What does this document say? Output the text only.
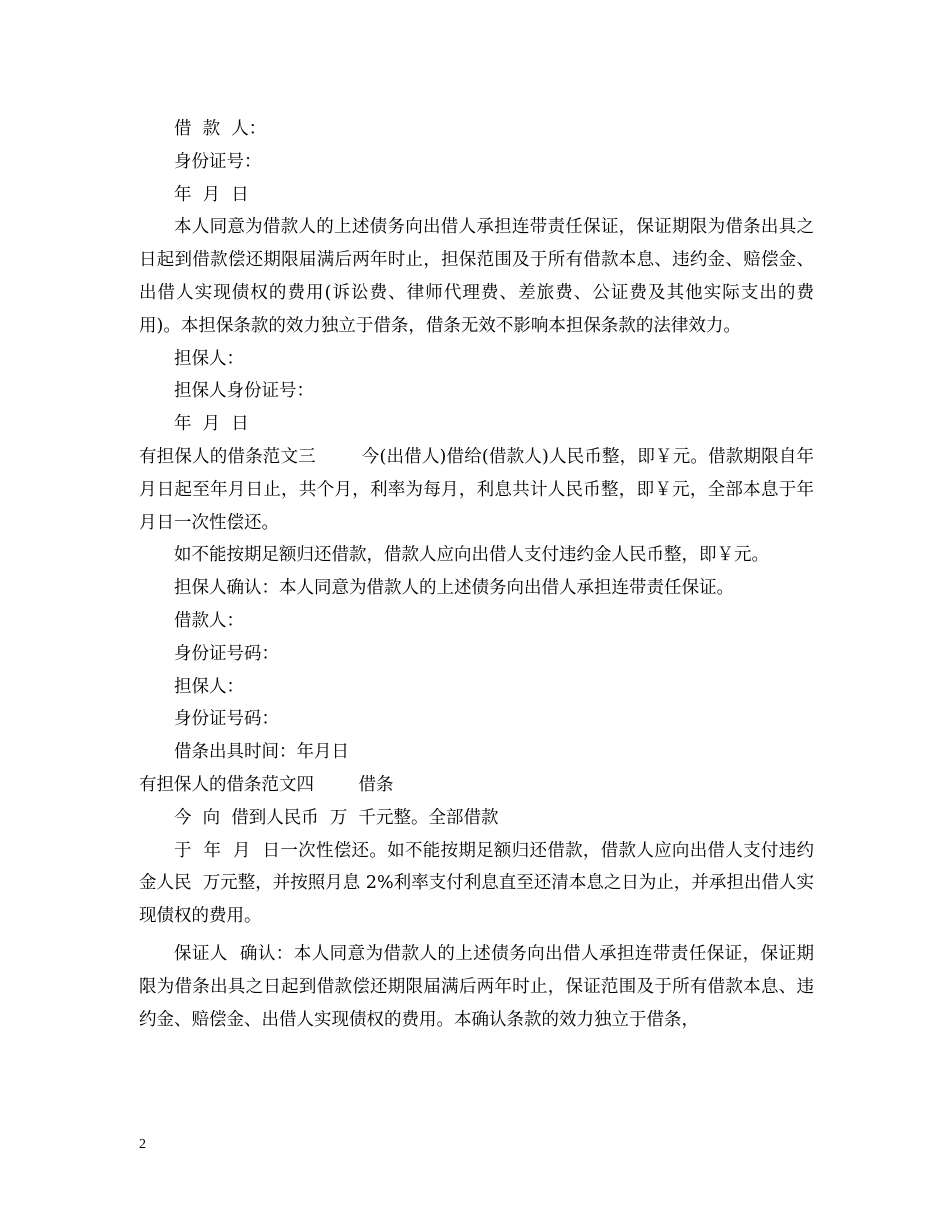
借  款  人：

身份证号：

年  月  日

本人同意为借款人的上述债务向出借人承担连带责任保证，保证期限为借条出具之日起到借款偿还期限届满后两年时止，担保范围及于所有借款本息、违约金、赔偿金、出借人实现债权的费用(诉讼费、律师代理费、差旅费、公证费及其他实际支出的费用)。本担保条款的效力独立于借条，借条无效不影响本担保条款的法律效力。

担保人：

担保人身份证号：

年  月  日

有担保人的借条范文三        今(出借人)借给(借款人)人民币整，即￥元。借款期限自年月日起至年月日止，共个月，利率为每月，利息共计人民币整，即￥元，全部本息于年月日一次性偿还。

如不能按期足额归还借款，借款人应向出借人支付违约金人民币整，即￥元。

担保人确认：本人同意为借款人的上述债务向出借人承担连带责任保证。

借款人：

身份证号码：

担保人：

身份证号码：

借条出具时间：年月日

有担保人的借条范文四        借条

今  向  借到人民币  万  千元整。全部借款

于  年  月  日一次性偿还。如不能按期足额归还借款，借款人应向出借人支付违约金人民  万元整，并按照月息 2%利率支付利息直至还清本息之日为止，并承担出借人实现债权的费用。

保证人  确认：本人同意为借款人的上述债务向出借人承担连带责任保证，保证期限为借条出具之日起到借款偿还期限届满后两年时止，保证范围及于所有借款本息、违约金、赔偿金、出借人实现债权的费用。本确认条款的效力独立于借条，

2
